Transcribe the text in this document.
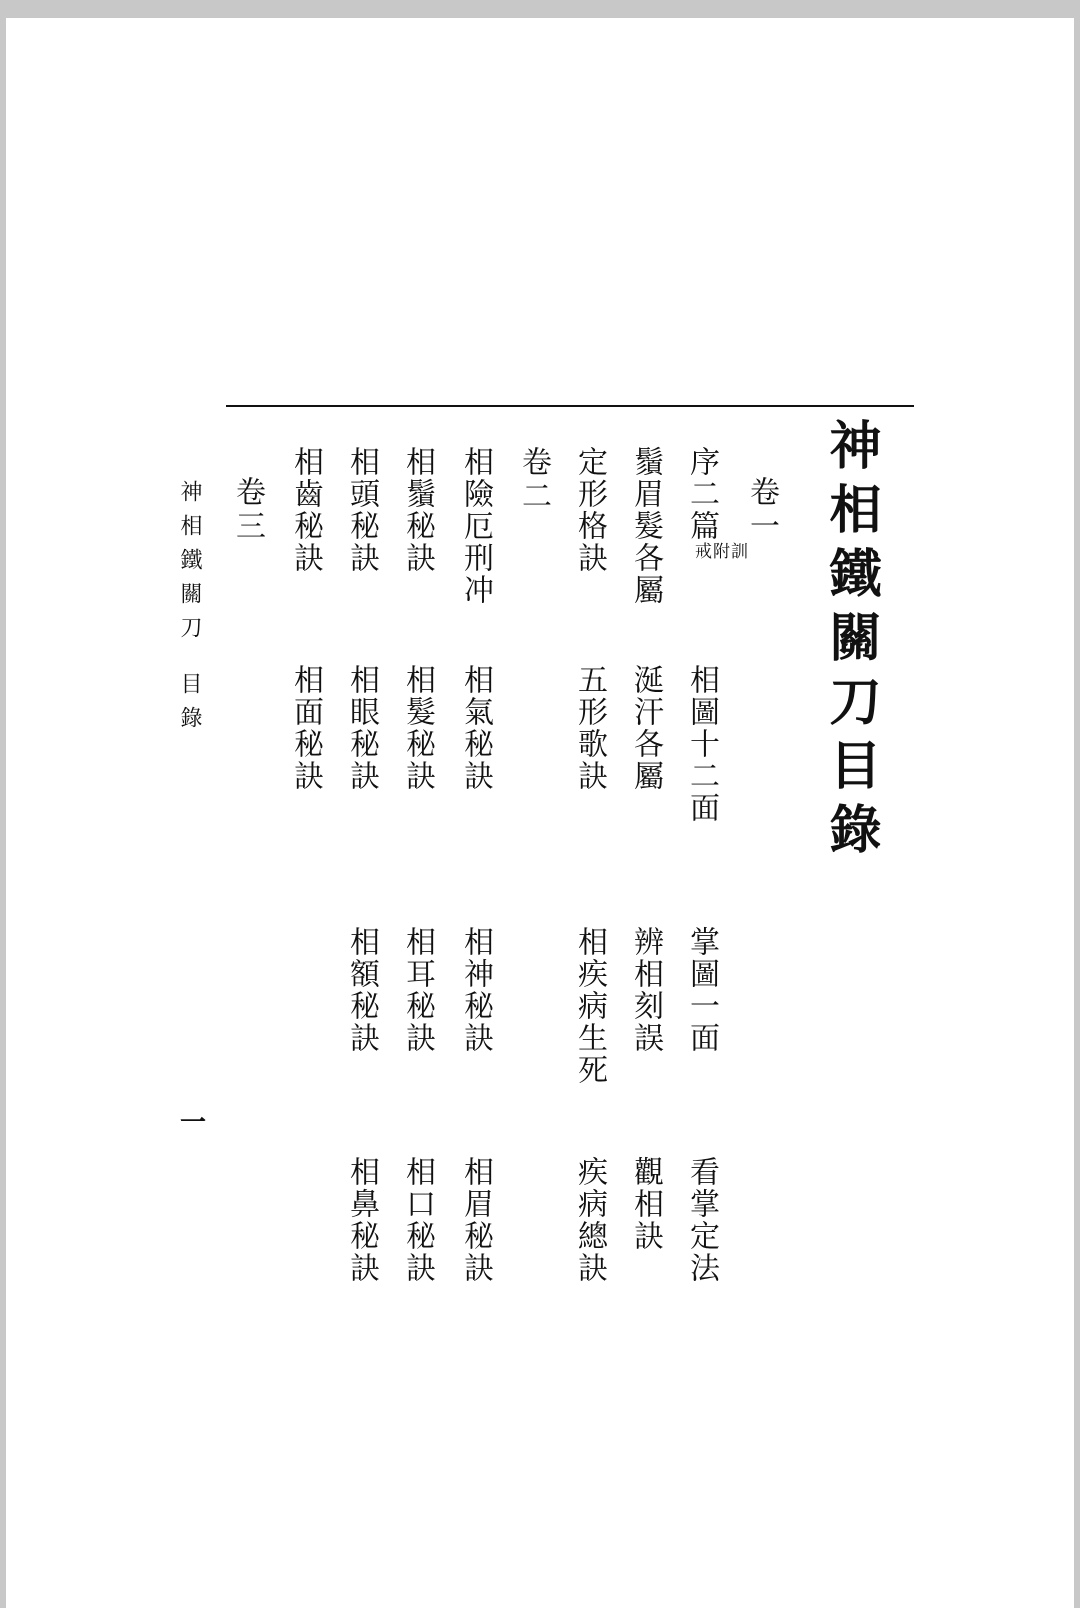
神相鐵關刀目錄
卷一
序二篇
訓
附
戒
相圖十二面
掌圖一面
看掌定法
鬚眉髮各屬
涎汗各屬
辨相刻誤
觀相訣
定形格訣
五形歌訣
相疾病生死
疾病總訣
卷二
相險厄刑冲
相氣秘訣
相神秘訣
相眉秘訣
相鬚秘訣
相髮秘訣
相耳秘訣
相口秘訣
相頭秘訣
相眼秘訣
相額秘訣
相鼻秘訣
相齒秘訣
相面秘訣
卷三
神相鐵關刀目錄
一
